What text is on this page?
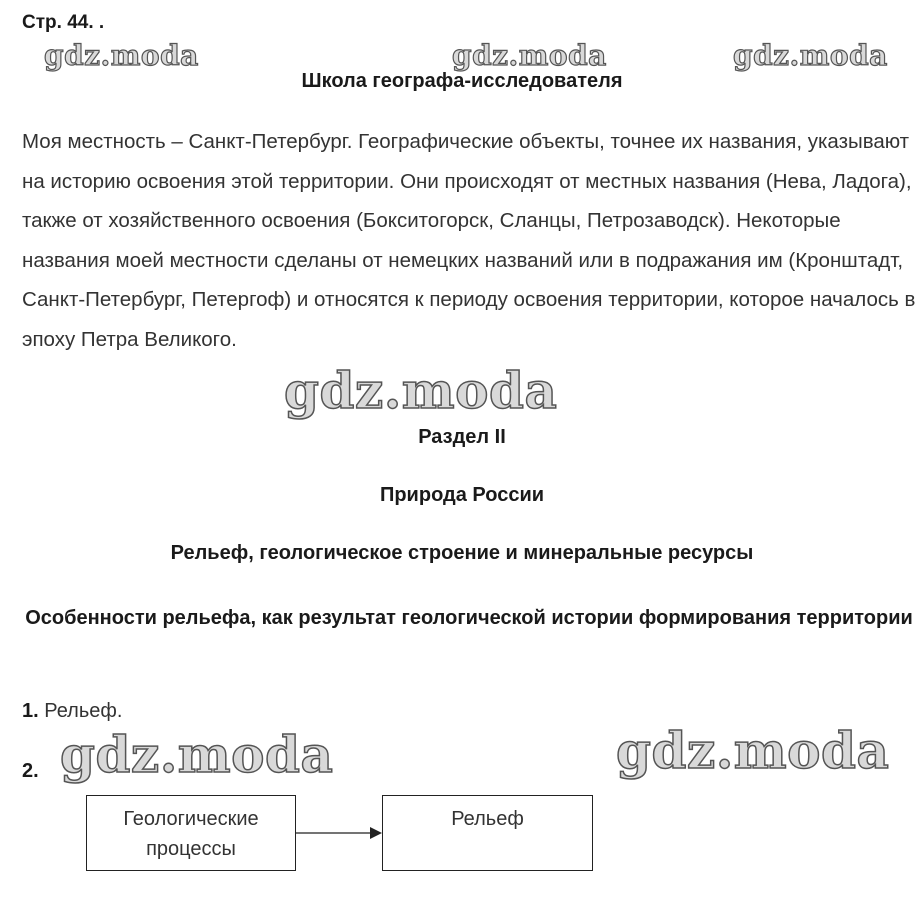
Стр. 44. .
gdz.moda	gdz.moda	gdz.moda
Школа географа-исследователя
Моя местность – Санкт-Петербург. Географические объекты, точнее их названия, указывают на историю освоения этой территории. Они происходят от местных названия (Нева, Ладога), также от хозяйственного освоения (Бокситогорск, Сланцы, Петрозаводск). Некоторые названия моей местности сделаны от немецких названий или в подражания им (Кронштадт, Санкт-Петербург, Петергоф) и относятся к периоду освоения территории, которое началось в эпоху Петра Великого.
gdz.moda
Раздел II
Природа России
Рельеф, геологическое строение и минеральные ресурсы
Особенности рельефа, как результат геологической истории формирования территории
1. Рельеф.
2. gdz.moda	gdz.moda
Геологические процессы
Рельеф
